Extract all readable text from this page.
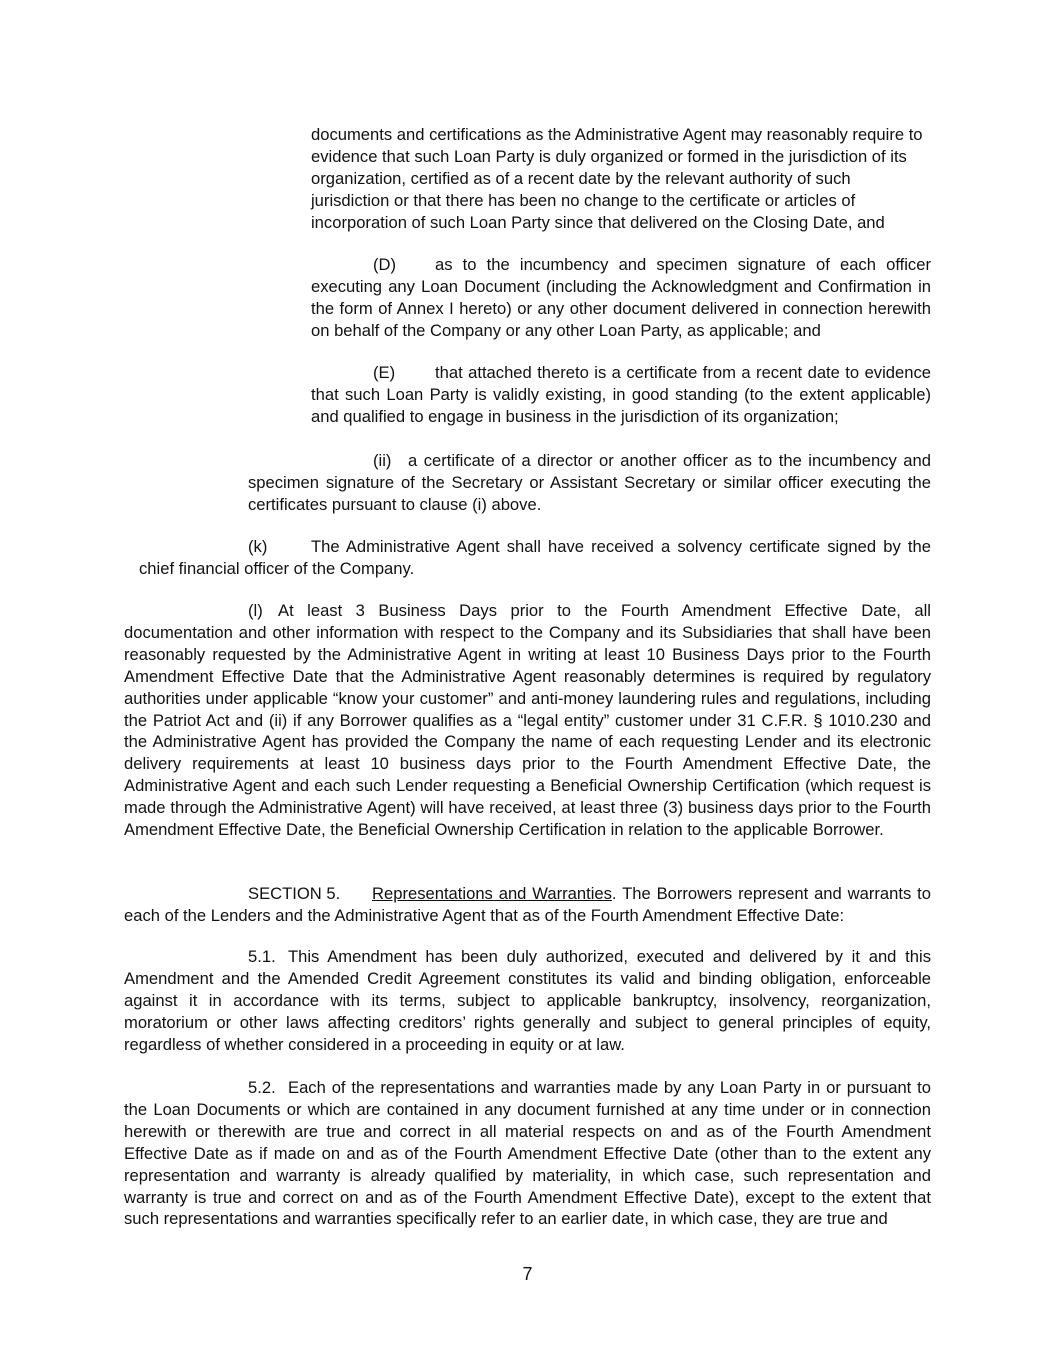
documents and certifications as the Administrative Agent may reasonably require to evidence that such Loan Party is duly organized or formed in the jurisdiction of its organization, certified as of a recent date by the relevant authority of such jurisdiction or that there has been no change to the certificate or articles of incorporation of such Loan Party since that delivered on the Closing Date, and

(D) as to the incumbency and specimen signature of each officer executing any Loan Document (including the Acknowledgment and Confirmation in the form of Annex I hereto) or any other document delivered in connection herewith on behalf of the Company or any other Loan Party, as applicable; and

(E) that attached thereto is a certificate from a recent date to evidence that such Loan Party is validly existing, in good standing (to the extent applicable) and qualified to engage in business in the jurisdiction of its organization;

(ii) a certificate of a director or another officer as to the incumbency and specimen signature of the Secretary or Assistant Secretary or similar officer executing the certificates pursuant to clause (i) above.

(k)	The Administrative Agent shall have received a solvency certificate signed by the chief financial officer of the Company.

(l) At least 3 Business Days prior to the Fourth Amendment Effective Date, all documentation and other information with respect to the Company and its Subsidiaries that shall have been reasonably requested by the Administrative Agent in writing at least 10 Business Days prior to the Fourth Amendment Effective Date that the Administrative Agent reasonably determines is required by regulatory authorities under applicable “know your customer” and anti-money laundering rules and regulations, including the Patriot Act and (ii) if any Borrower qualifies as a “legal entity” customer under 31 C.F.R. § 1010.230 and the Administrative Agent has provided the Company the name of each requesting Lender and its electronic delivery requirements at least 10 business days prior to the Fourth Amendment Effective Date, the Administrative Agent and each such Lender requesting a Beneficial Ownership Certification (which request is made through the Administrative Agent) will have received, at least three (3) business days prior to the Fourth Amendment Effective Date, the Beneficial Ownership Certification in relation to the applicable Borrower.

SECTION 5. Representations and Warranties. The Borrowers represent and warrants to each of the Lenders and the Administrative Agent that as of the Fourth Amendment Effective Date:

5.1. This Amendment has been duly authorized, executed and delivered by it and this Amendment and the Amended Credit Agreement constitutes its valid and binding obligation, enforceable against it in accordance with its terms, subject to applicable bankruptcy, insolvency, reorganization, moratorium or other laws affecting creditors’ rights generally and subject to general principles of equity, regardless of whether considered in a proceeding in equity or at law.

5.2. Each of the representations and warranties made by any Loan Party in or pursuant to the Loan Documents or which are contained in any document furnished at any time under or in connection herewith or therewith are true and correct in all material respects on and as of the Fourth Amendment Effective Date as if made on and as of the Fourth Amendment Effective Date (other than to the extent any representation and warranty is already qualified by materiality, in which case, such representation and warranty is true and correct on and as of the Fourth Amendment Effective Date), except to the extent that such representations and warranties specifically refer to an earlier date, in which case, they are true and

7
